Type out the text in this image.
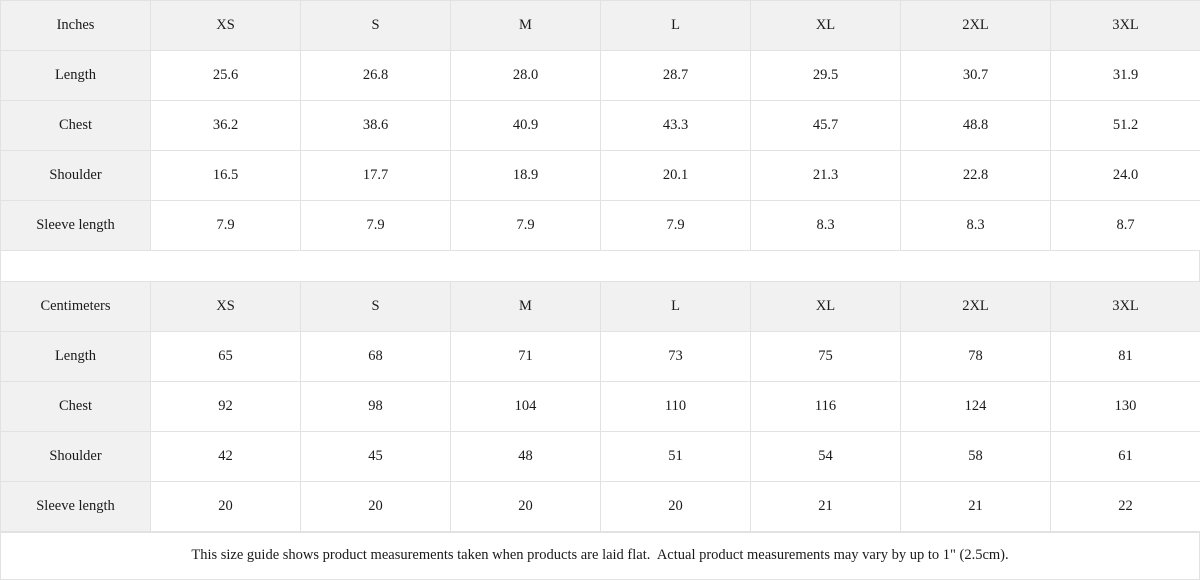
Inches	XS	S	M	L	XL	2XL	3XL
Length	25.6	26.8	28.0	28.7	29.5	30.7	31.9
Chest	36.2	38.6	40.9	43.3	45.7	48.8	51.2
Shoulder	16.5	17.7	18.9	20.1	21.3	22.8	24.0
Sleeve length	7.9	7.9	7.9	7.9	8.3	8.3	8.7
Centimeters	XS	S	M	L	XL	2XL	3XL
Length	65	68	71	73	75	78	81
Chest	92	98	104	110	116	124	130
Shoulder	42	45	48	51	54	58	61
Sleeve length	20	20	20	20	21	21	22
This size guide shows product measurements taken when products are laid flat.  Actual product measurements may vary by up to 1" (2.5cm).
